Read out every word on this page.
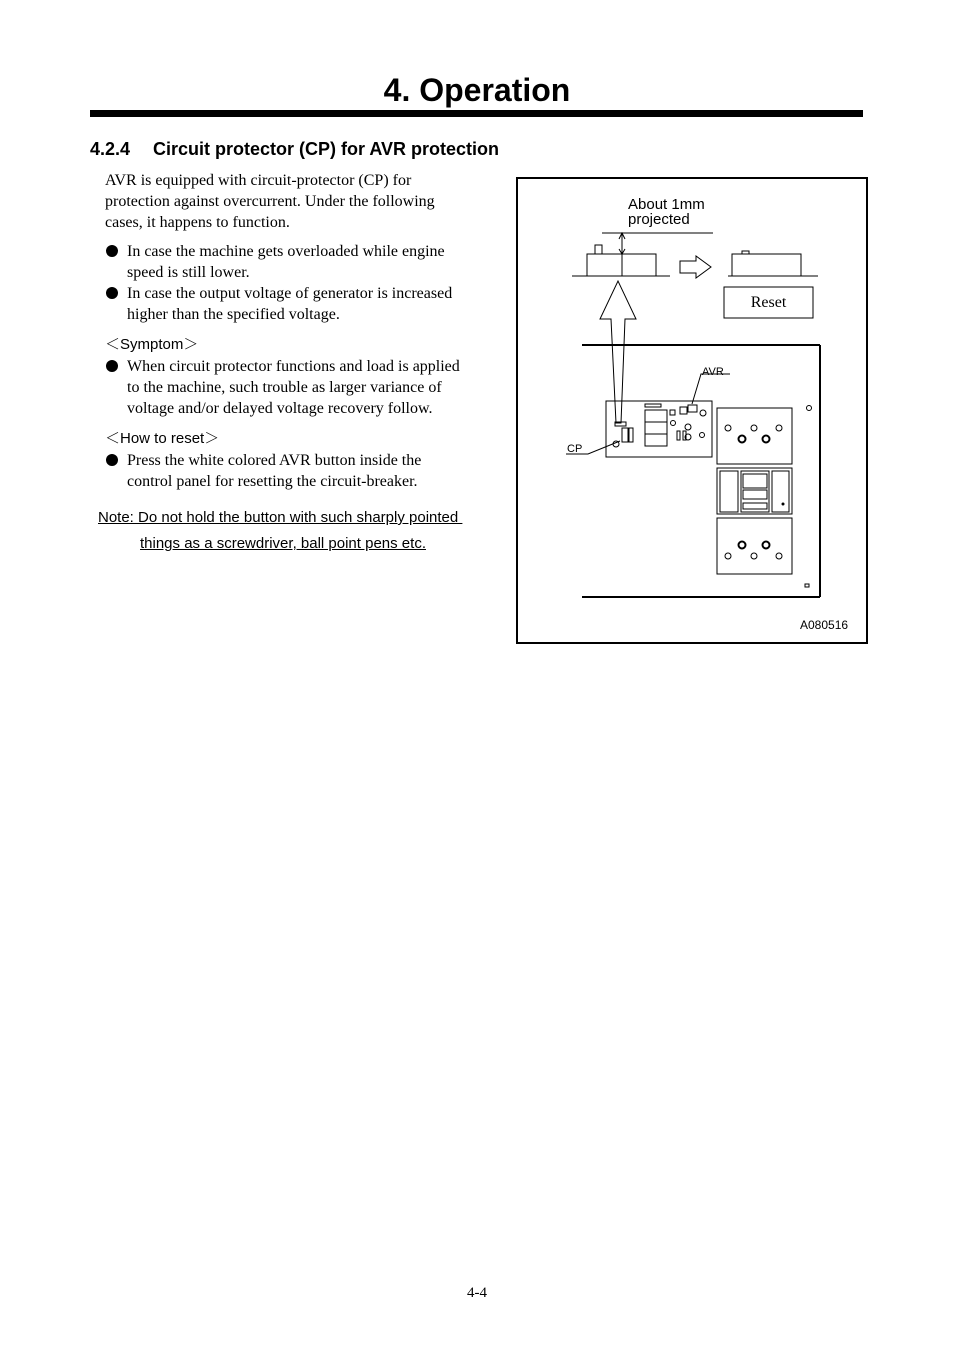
4. Operation
4.2.4 Circuit protector (CP) for AVR protection
AVR is equipped with circuit-protector (CP) for
protection against overcurrent. Under the following
cases, it happens to function.
In case the machine gets overloaded while engine
speed is still lower.
In case the output voltage of generator is increased
higher than the specified voltage.
＜Symptom＞
When circuit protector functions and load is applied
to the machine, such trouble as larger variance of
voltage and/or delayed voltage recovery follow.
＜How to reset＞
Press the white colored AVR button inside the
control panel for resetting the circuit-breaker.
Note: Do not hold the button with such sharply pointed
things as a screwdriver, ball point pens etc.
About 1mm
projected
Reset
AVR
CP
A080516
4-4
